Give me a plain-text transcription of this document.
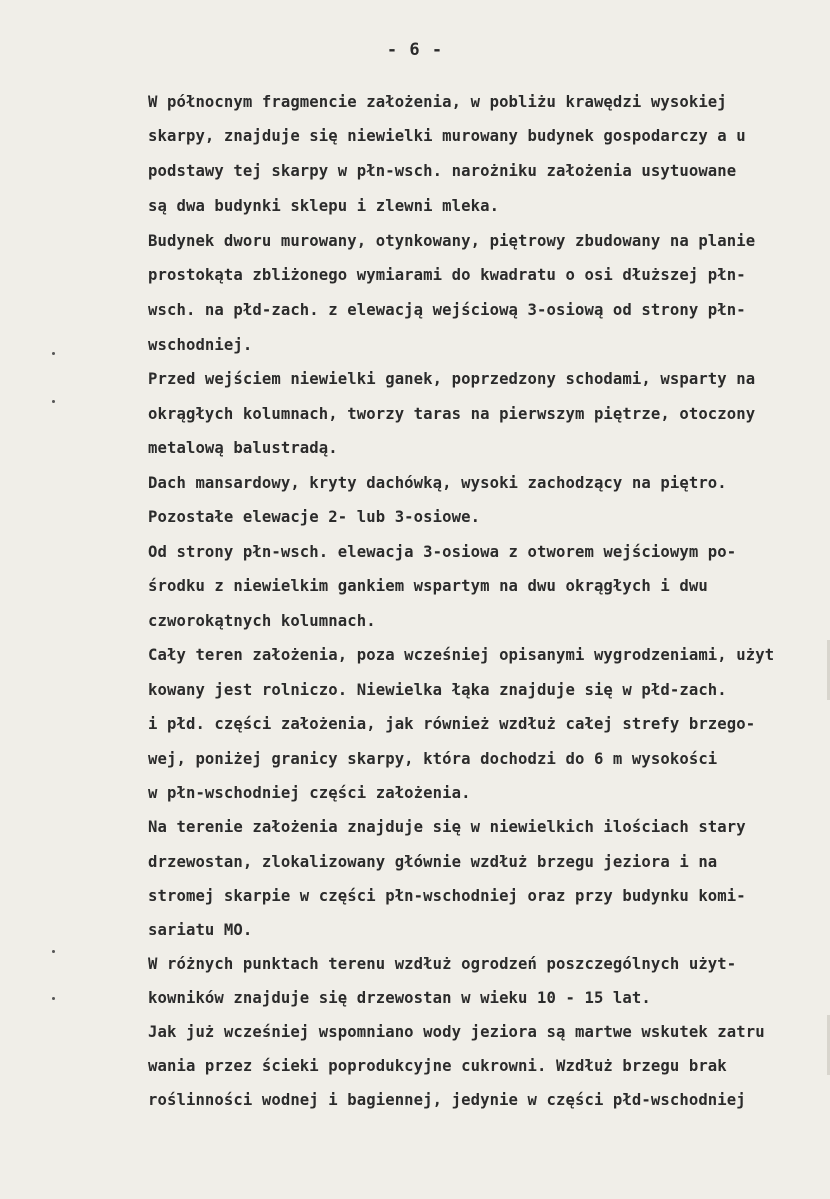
- 6 -
W północnym fragmencie założenia, w pobliżu krawędzi wysokiej
skarpy, znajduje się niewielki murowany budynek gospodarczy a u
podstawy tej skarpy w płn-wsch. narożniku założenia usytuowane
są dwa budynki sklepu i zlewni mleka.
Budynek dworu murowany, otynkowany, piętrowy zbudowany na planie
prostokąta zbliżonego wymiarami do kwadratu o osi dłuższej płn-
wsch. na płd-zach. z elewacją wejściową 3-osiową od strony płn-
wschodniej.
Przed wejściem niewielki ganek, poprzedzony schodami, wsparty na
okrągłych kolumnach, tworzy taras na pierwszym piętrze, otoczony
metalową balustradą.
Dach mansardowy, kryty dachówką, wysoki zachodzący na piętro.
Pozostałe elewacje 2- lub 3-osiowe.
Od strony płn-wsch. elewacja 3-osiowa z otworem wejściowym po-
środku z niewielkim gankiem wspartym na dwu okrągłych i dwu
czworokątnych kolumnach.
Cały teren założenia, poza wcześniej opisanymi wygrodzeniami, użyt
kowany jest rolniczo. Niewielka łąka znajduje się w płd-zach.
i płd. części założenia, jak również wzdłuż całej strefy brzego-
wej, poniżej granicy skarpy, która dochodzi do 6 m wysokości
w płn-wschodniej części założenia.
Na terenie założenia znajduje się w niewielkich ilościach stary
drzewostan, zlokalizowany głównie wzdłuż brzegu jeziora i na
stromej skarpie w części płn-wschodniej oraz przy budynku komi-
sariatu MO.
W różnych punktach terenu wzdłuż ogrodzeń poszczególnych użyt-
kowników znajduje się drzewostan w wieku 10 - 15 lat.
Jak już wcześniej wspomniano wody jeziora są martwe wskutek zatru
wania przez ścieki poprodukcyjne cukrowni. Wzdłuż brzegu brak
roślinności wodnej i bagiennej, jedynie w części płd-wschodniej
